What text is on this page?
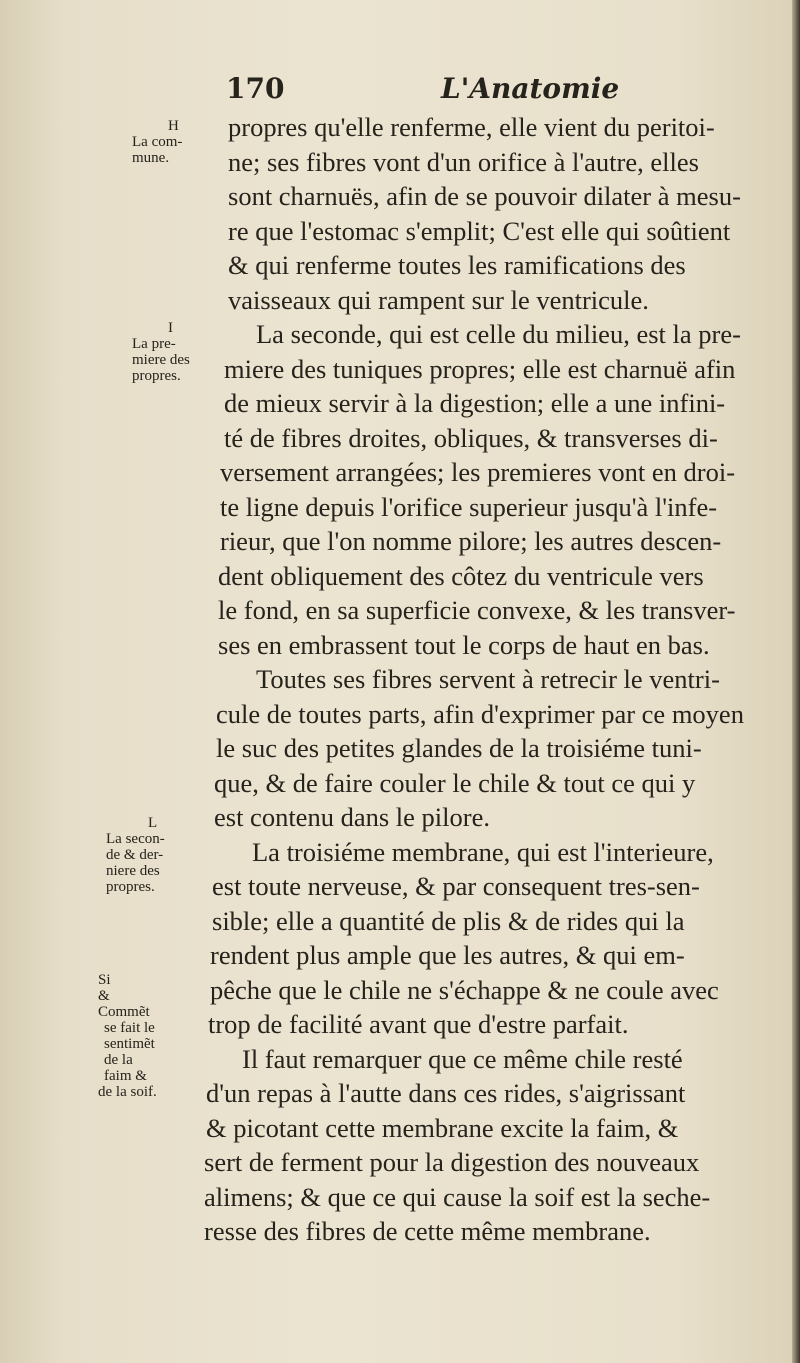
170	L'Anatomie
H
La com-
mune.
I
La pre-
miere des
propres.
L
La secon-
de & der-
niere des
propres.
Si
&
Commẽt
se fait le
sentimẽt
de la
faim &
de la soif.
propres qu'elle renferme, elle vient du peritoi-
ne; ses fibres vont d'un orifice à l'autre, elles
sont charnuës, afin de se pouvoir dilater à mesu-
re que l'estomac s'emplit; C'est elle qui soûtient
& qui renferme toutes les ramifications des
vaisseaux qui rampent sur le ventricule.
La seconde, qui est celle du milieu, est la pre-
miere des tuniques propres; elle est charnuë afin
de mieux servir à la digestion; elle a une infini-
té de fibres droites, obliques, & transverses di-
versement arrangées; les premieres vont en droi-
te ligne depuis l'orifice superieur jusqu'à l'infe-
rieur, que l'on nomme pilore; les autres descen-
dent obliquement des côtez du ventricule vers
le fond, en sa superficie convexe, & les transver-
ses en embrassent tout le corps de haut en bas.
Toutes ses fibres servent à retrecir le ventri-
cule de toutes parts, afin d'exprimer par ce moyen
le suc des petites glandes de la troisiéme tuni-
que, & de faire couler le chile & tout ce qui y
est contenu dans le pilore.
La troisiéme membrane, qui est l'interieure,
est toute nerveuse, & par consequent tres-sen-
sible; elle a quantité de plis & de rides qui la
rendent plus ample que les autres, & qui em-
pêche que le chile ne s'échappe & ne coule avec
trop de facilité avant que d'estre parfait.
Il faut remarquer que ce même chile resté
d'un repas à l'autte dans ces rides, s'aigrissant
& picotant cette membrane excite la faim, &
sert de ferment pour la digestion des nouveaux
alimens; & que ce qui cause la soif est la seche-
resse des fibres de cette même membrane.
